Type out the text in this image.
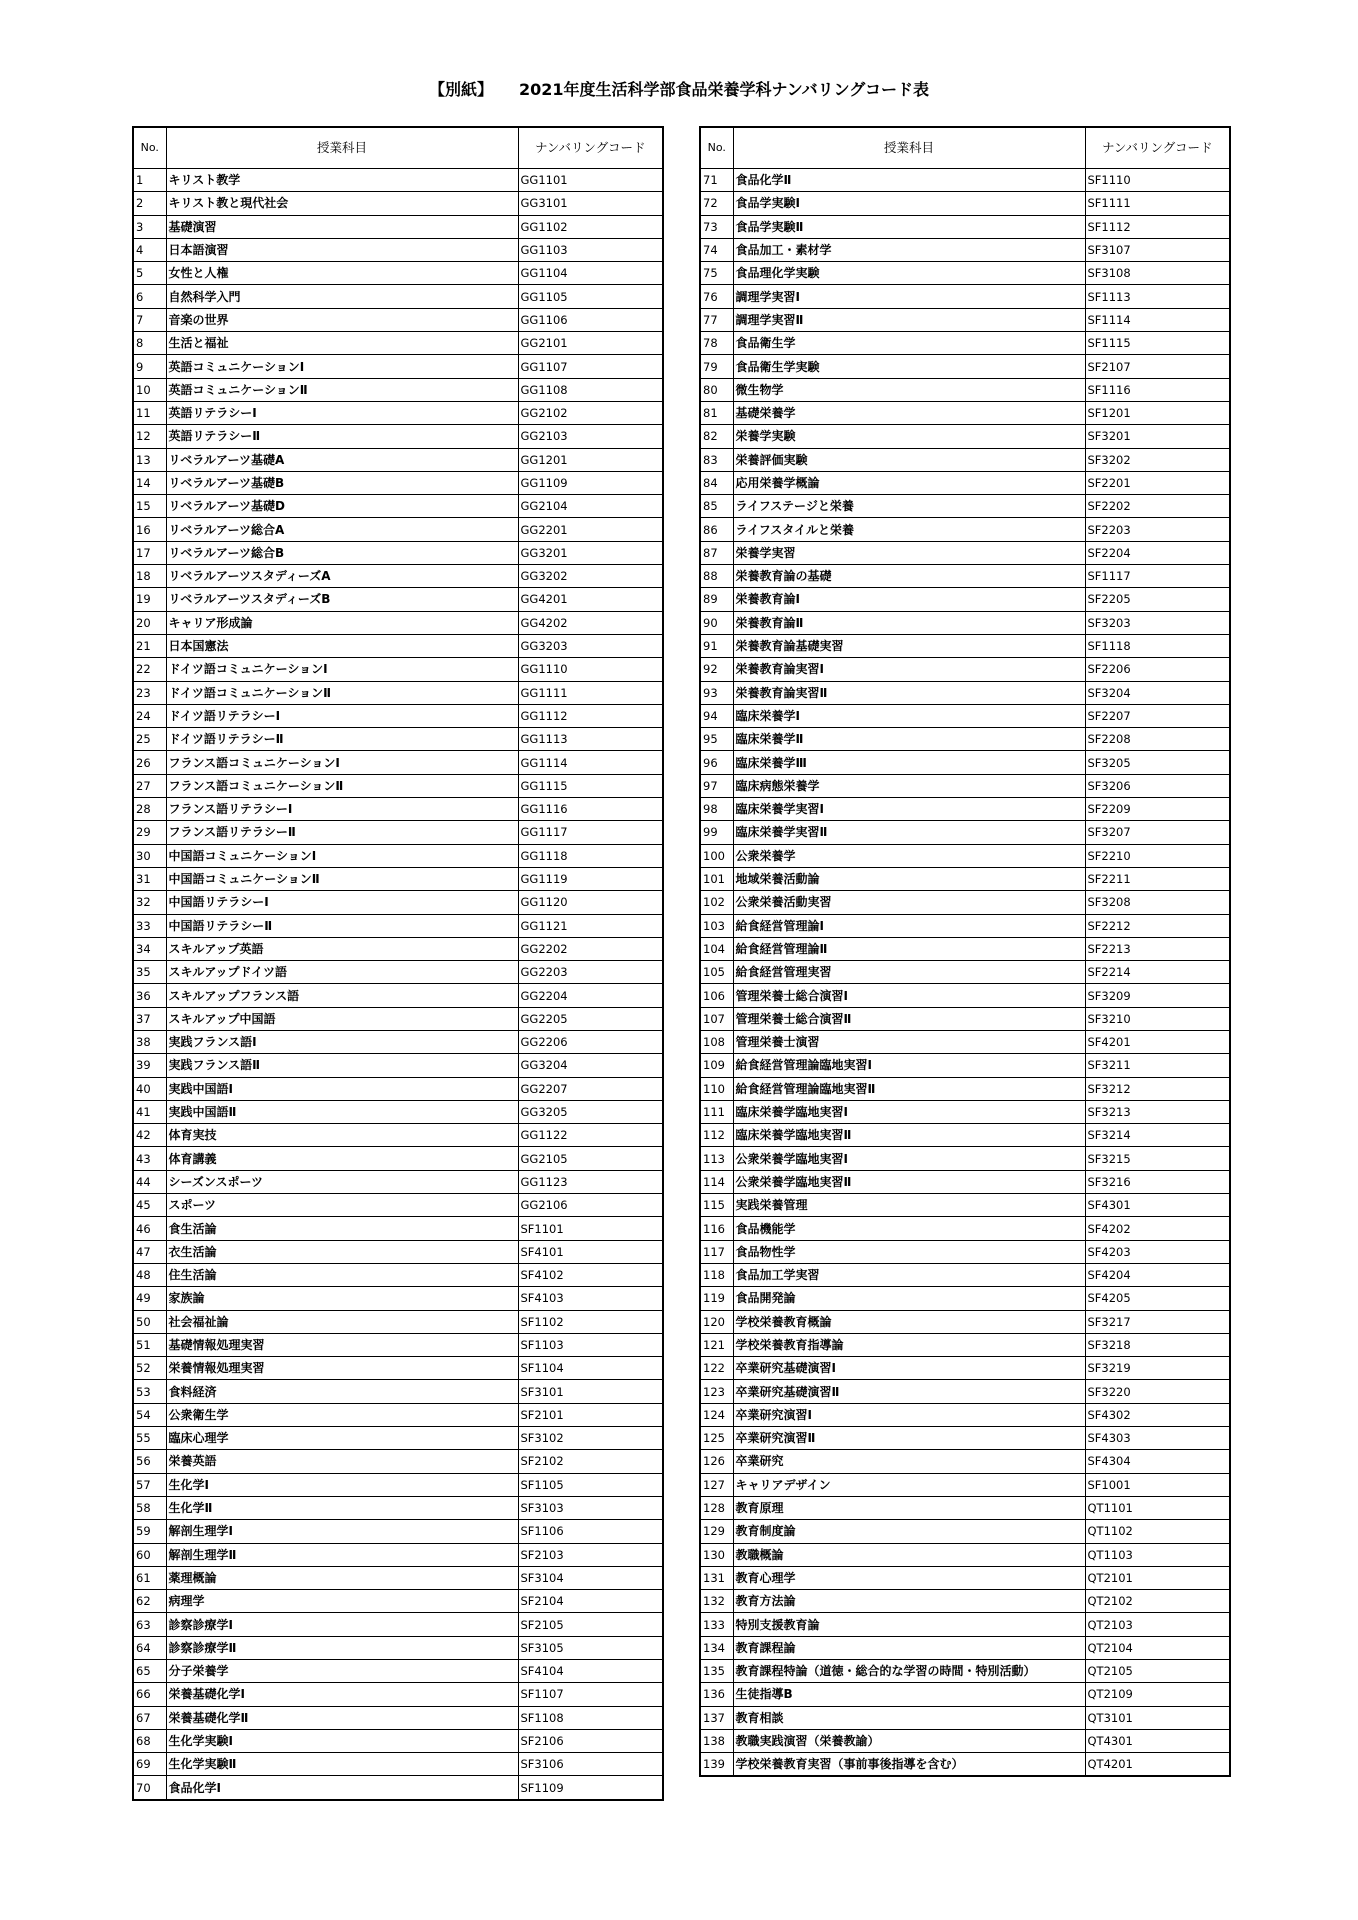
【別紙】 2021年度生活科学部食品栄養学科ナンバリングコード表
No.	授業科目	ナンバリングコード
1	キリスト教学	GG1101
2	キリスト教と現代社会	GG3101
3	基礎演習	GG1102
4	日本語演習	GG1103
5	女性と人権	GG1104
6	自然科学入門	GG1105
7	音楽の世界	GG1106
8	生活と福祉	GG2101
9	英語コミュニケーションⅠ	GG1107
10	英語コミュニケーションⅡ	GG1108
11	英語リテラシーⅠ	GG2102
12	英語リテラシーⅡ	GG2103
13	リベラルアーツ基礎A	GG1201
14	リベラルアーツ基礎B	GG1109
15	リベラルアーツ基礎D	GG2104
16	リベラルアーツ総合A	GG2201
17	リベラルアーツ総合B	GG3201
18	リベラルアーツスタディーズA	GG3202
19	リベラルアーツスタディーズB	GG4201
20	キャリア形成論	GG4202
21	日本国憲法	GG3203
22	ドイツ語コミュニケーションⅠ	GG1110
23	ドイツ語コミュニケーションⅡ	GG1111
24	ドイツ語リテラシーⅠ	GG1112
25	ドイツ語リテラシーⅡ	GG1113
26	フランス語コミュニケーションⅠ	GG1114
27	フランス語コミュニケーションⅡ	GG1115
28	フランス語リテラシーⅠ	GG1116
29	フランス語リテラシーⅡ	GG1117
30	中国語コミュニケーションⅠ	GG1118
31	中国語コミュニケーションⅡ	GG1119
32	中国語リテラシーⅠ	GG1120
33	中国語リテラシーⅡ	GG1121
34	スキルアップ英語	GG2202
35	スキルアップドイツ語	GG2203
36	スキルアップフランス語	GG2204
37	スキルアップ中国語	GG2205
38	実践フランス語Ⅰ	GG2206
39	実践フランス語Ⅱ	GG3204
40	実践中国語Ⅰ	GG2207
41	実践中国語Ⅱ	GG3205
42	体育実技	GG1122
43	体育講義	GG2105
44	シーズンスポーツ	GG1123
45	スポーツ	GG2106
46	食生活論	SF1101
47	衣生活論	SF4101
48	住生活論	SF4102
49	家族論	SF4103
50	社会福祉論	SF1102
51	基礎情報処理実習	SF1103
52	栄養情報処理実習	SF1104
53	食料経済	SF3101
54	公衆衛生学	SF2101
55	臨床心理学	SF3102
56	栄養英語	SF2102
57	生化学Ⅰ	SF1105
58	生化学Ⅱ	SF3103
59	解剖生理学Ⅰ	SF1106
60	解剖生理学Ⅱ	SF2103
61	薬理概論	SF3104
62	病理学	SF2104
63	診察診療学Ⅰ	SF2105
64	診察診療学Ⅱ	SF3105
65	分子栄養学	SF4104
66	栄養基礎化学Ⅰ	SF1107
67	栄養基礎化学Ⅱ	SF1108
68	生化学実験Ⅰ	SF2106
69	生化学実験Ⅱ	SF3106
70	食品化学Ⅰ	SF1109
No.	授業科目	ナンバリングコード
71	食品化学Ⅱ	SF1110
72	食品学実験Ⅰ	SF1111
73	食品学実験Ⅱ	SF1112
74	食品加工・素材学	SF3107
75	食品理化学実験	SF3108
76	調理学実習Ⅰ	SF1113
77	調理学実習Ⅱ	SF1114
78	食品衛生学	SF1115
79	食品衛生学実験	SF2107
80	微生物学	SF1116
81	基礎栄養学	SF1201
82	栄養学実験	SF3201
83	栄養評価実験	SF3202
84	応用栄養学概論	SF2201
85	ライフステージと栄養	SF2202
86	ライフスタイルと栄養	SF2203
87	栄養学実習	SF2204
88	栄養教育論の基礎	SF1117
89	栄養教育論Ⅰ	SF2205
90	栄養教育論Ⅱ	SF3203
91	栄養教育論基礎実習	SF1118
92	栄養教育論実習Ⅰ	SF2206
93	栄養教育論実習Ⅱ	SF3204
94	臨床栄養学Ⅰ	SF2207
95	臨床栄養学Ⅱ	SF2208
96	臨床栄養学Ⅲ	SF3205
97	臨床病態栄養学	SF3206
98	臨床栄養学実習Ⅰ	SF2209
99	臨床栄養学実習Ⅱ	SF3207
100	公衆栄養学	SF2210
101	地域栄養活動論	SF2211
102	公衆栄養活動実習	SF3208
103	給食経営管理論Ⅰ	SF2212
104	給食経営管理論Ⅱ	SF2213
105	給食経営管理実習	SF2214
106	管理栄養士総合演習Ⅰ	SF3209
107	管理栄養士総合演習Ⅱ	SF3210
108	管理栄養士演習	SF4201
109	給食経営管理論臨地実習Ⅰ	SF3211
110	給食経営管理論臨地実習Ⅱ	SF3212
111	臨床栄養学臨地実習Ⅰ	SF3213
112	臨床栄養学臨地実習Ⅱ	SF3214
113	公衆栄養学臨地実習Ⅰ	SF3215
114	公衆栄養学臨地実習Ⅱ	SF3216
115	実践栄養管理	SF4301
116	食品機能学	SF4202
117	食品物性学	SF4203
118	食品加工学実習	SF4204
119	食品開発論	SF4205
120	学校栄養教育概論	SF3217
121	学校栄養教育指導論	SF3218
122	卒業研究基礎演習Ⅰ	SF3219
123	卒業研究基礎演習Ⅱ	SF3220
124	卒業研究演習Ⅰ	SF4302
125	卒業研究演習Ⅱ	SF4303
126	卒業研究	SF4304
127	キャリアデザイン	SF1001
128	教育原理	QT1101
129	教育制度論	QT1102
130	教職概論	QT1103
131	教育心理学	QT2101
132	教育方法論	QT2102
133	特別支援教育論	QT2103
134	教育課程論	QT2104
135	教育課程特論（道徳・総合的な学習の時間・特別活動）	QT2105
136	生徒指導B	QT2109
137	教育相談	QT3101
138	教職実践演習（栄養教諭）	QT4301
139	学校栄養教育実習（事前事後指導を含む）	QT4201
